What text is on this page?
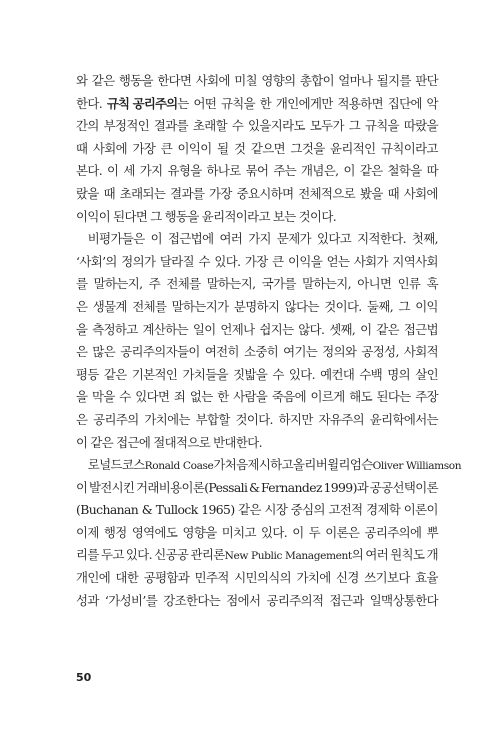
와 같은 행동을 한다면 사회에 미칠 영향의 총합이 얼마나 될지를 판단
한다. 규칙 공리주의는 어떤 규칙을 한 개인에게만 적용하면 집단에 악
간의 부정적인 결과를 초래할 수 있을지라도 모두가 그 규칙을 따랐을
때 사회에 가장 큰 이익이 될 것 같으면 그것을 윤리적인 규칙이라고
본다. 이 세 가지 유형을 하나로 묶어 주는 개념은, 이 같은 철학을 따
랐을 때 초래되는 결과를 가장 중요시하며 전체적으로 봤을 때 사회에
이익이 된다면 그 행동을 윤리적이라고 보는 것이다.
　비평가들은 이 접근법에 여러 가지 문제가 있다고 지적한다. 첫째,
‘사회’의 정의가 달라질 수 있다. 가장 큰 이익을 얻는 사회가 지역사회
를 말하는지, 주 전체를 말하는지, 국가를 말하는지, 아니면 인류 혹
은 생물계 전체를 말하는지가 분명하지 않다는 것이다. 둘째, 그 이익
을 측정하고 계산하는 일이 언제나 쉽지는 않다. 셋째, 이 같은 접근법
은 많은 공리주의자들이 여전히 소중히 여기는 정의와 공정성, 사회적
평등 같은 기본적인 가치들을 짓밟을 수 있다. 예컨대 수백 명의 살인
을 막을 수 있다면 죄 없는 한 사람을 죽음에 이르게 해도 된다는 주장
은 공리주의 가치에는 부합할 것이다. 하지만 자유주의 윤리학에서는
이 같은 접근에 절대적으로 반대한다.
　로널드 코스Ronald Coase가 처음 제시하고 올리버 윌리엄슨Oliver Williamson
이 발전시킨 거래비용이론(Pessali & Fernandez 1999)과 공공선택이론
(Buchanan & Tullock 1965) 같은 시장 중심의 고전적 경제학 이론이
이제 행정 영역에도 영향을 미치고 있다. 이 두 이론은 공리주의에 뿌
리를 두고 있다. 신공공 관리론New Public Management의 여러 원칙도 개
개인에 대한 공평함과 민주적 시민의식의 가치에 신경 쓰기보다 효율
성과 ‘가성비’를 강조한다는 점에서 공리주의적 접근과 일맥상통한다
50
